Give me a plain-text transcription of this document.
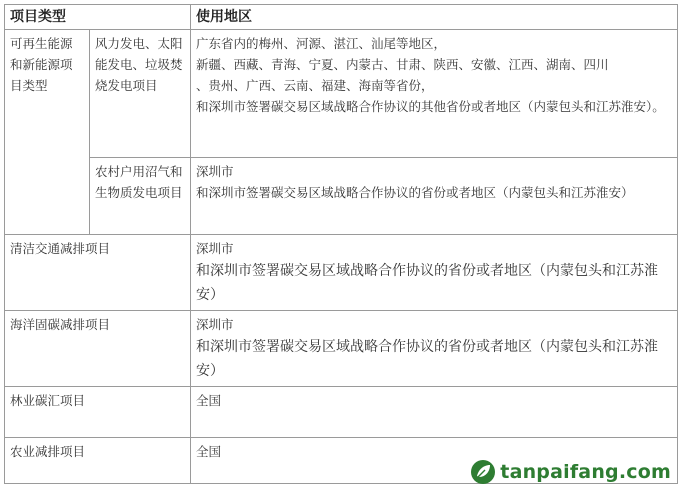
项目类型		使用地区
可再生能源和新能源项目类型	风力发电、太阳能发电、垃圾焚烧发电项目	广东省内的梅州、河源、湛江、汕尾等地区，
新疆、西藏、青海、宁夏、内蒙古、甘肃、陕西、安徽、江西、湖南、四川
、贵州、广西、云南、福建、海南等省份，
和深圳市签署碳交易区域战略合作协议的其他省份或者地区（内蒙包头和江苏淮安）。

	农村户用沼气和生物质发电项目	深圳市
和深圳市签署碳交易区域战略合作协议的省份或者地区（内蒙包头和江苏淮安）

清洁交通减排项目		深圳市
和深圳市签署碳交易区域战略合作协议的省份或者地区（内蒙包头和江苏淮安）

海洋固碳减排项目		深圳市
和深圳市签署碳交易区域战略合作协议的省份或者地区（内蒙包头和江苏淮安）

林业碳汇项目		全国
农业减排项目		全国
tanpaifang.com
